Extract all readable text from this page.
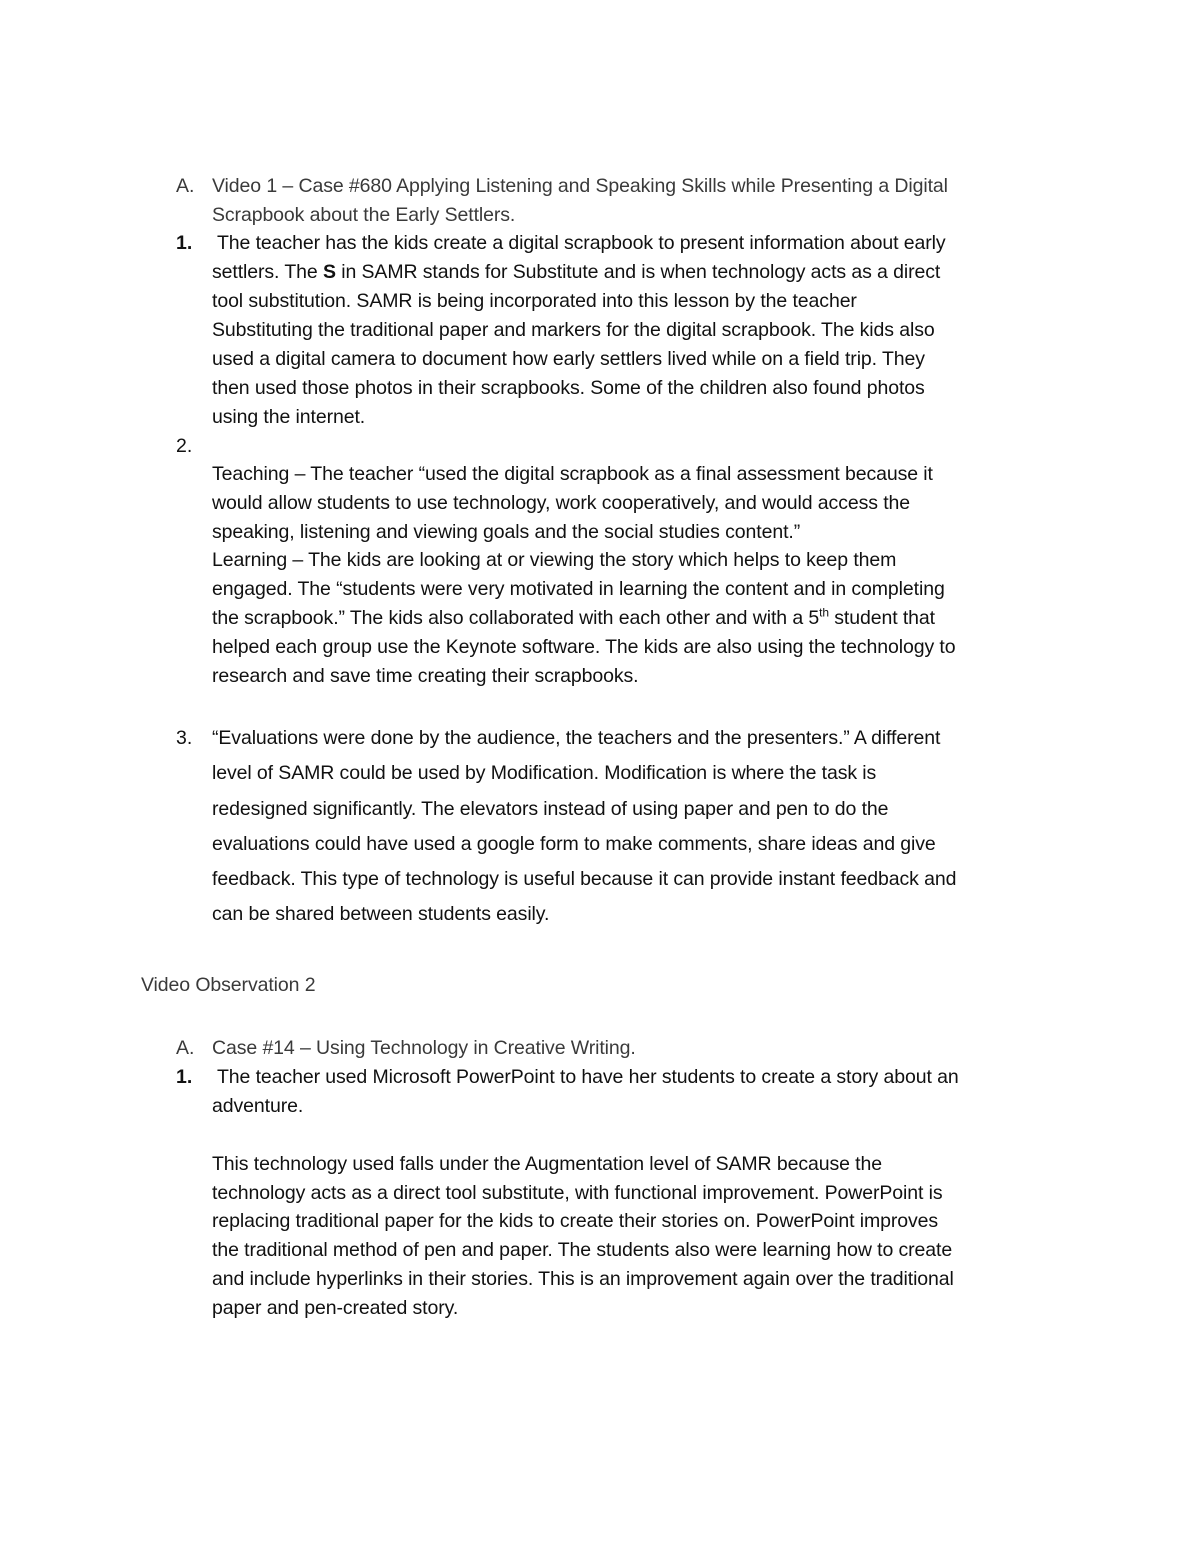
A. Video 1 – Case #680 Applying Listening and Speaking Skills while Presenting a Digital
Scrapbook about the Early Settlers.
1. The teacher has the kids create a digital scrapbook to present information about early
settlers. The S in SAMR stands for Substitute and is when technology acts as a direct
tool substitution. SAMR is being incorporated into this lesson by the teacher
Substituting the traditional paper and markers for the digital scrapbook. The kids also
used a digital camera to document how early settlers lived while on a field trip. They
then used those photos in their scrapbooks. Some of the children also found photos
using the internet.
2.
Teaching – The teacher “used the digital scrapbook as a final assessment because it
would allow students to use technology, work cooperatively, and would access the
speaking, listening and viewing goals and the social studies content.”
Learning – The kids are looking at or viewing the story which helps to keep them
engaged. The “students were very motivated in learning the content and in completing
the scrapbook.” The kids also collaborated with each other and with a 5th student that
helped each group use the Keynote software. The kids are also using the technology to
research and save time creating their scrapbooks.
3. “Evaluations were done by the audience, the teachers and the presenters.” A different
level of SAMR could be used by Modification. Modification is where the task is
redesigned significantly. The elevators instead of using paper and pen to do the
evaluations could have used a google form to make comments, share ideas and give
feedback. This type of technology is useful because it can provide instant feedback and
can be shared between students easily.
Video Observation 2
A. Case #14 – Using Technology in Creative Writing.
1. The teacher used Microsoft PowerPoint to have her students to create a story about an
adventure.
This technology used falls under the Augmentation level of SAMR because the
technology acts as a direct tool substitute, with functional improvement. PowerPoint is
replacing traditional paper for the kids to create their stories on. PowerPoint improves
the traditional method of pen and paper. The students also were learning how to create
and include hyperlinks in their stories. This is an improvement again over the traditional
paper and pen-created story.
